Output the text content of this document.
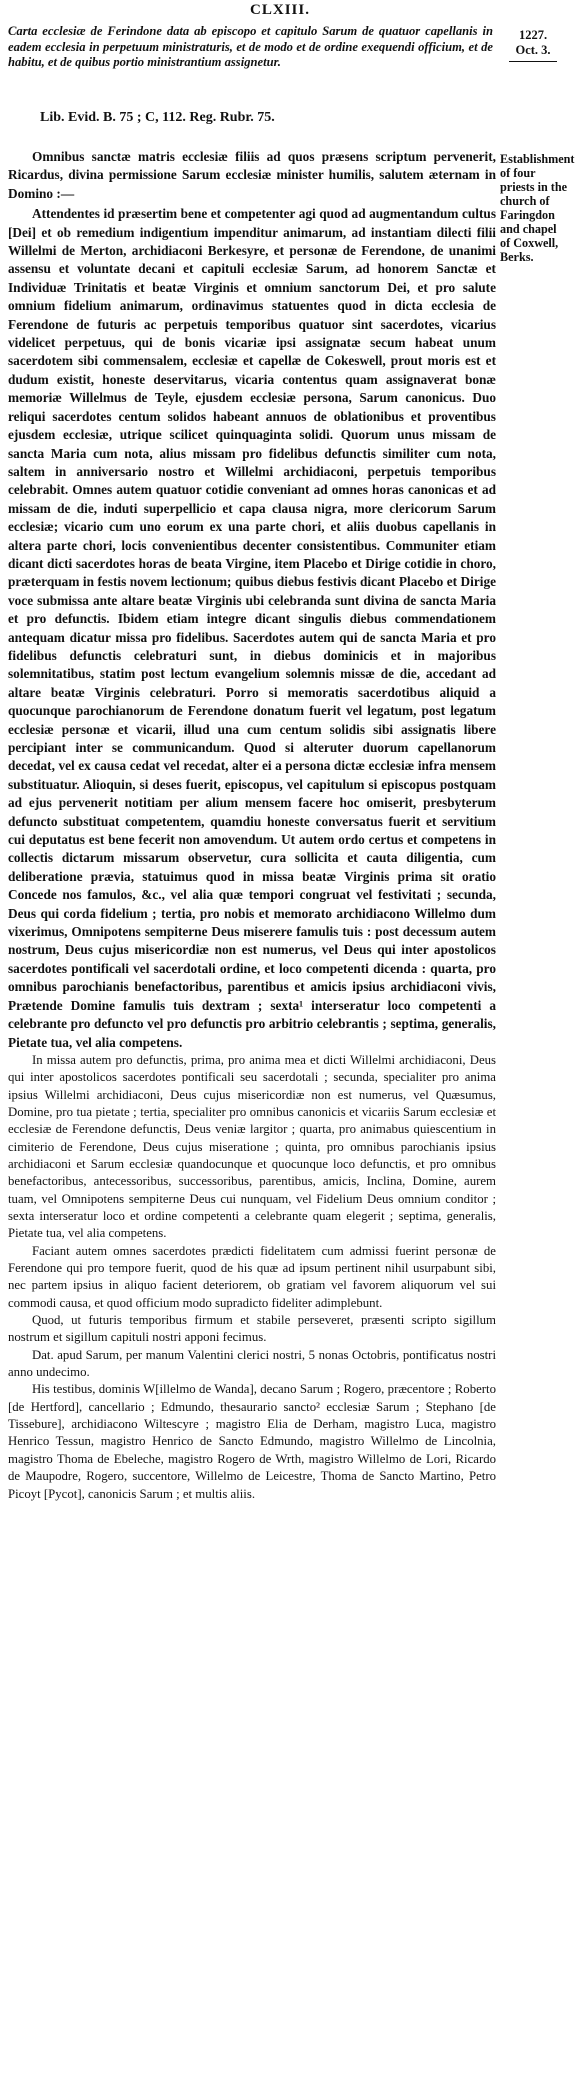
CLXIII.
1227.
Oct. 3.
Carta ecclesiæ de Ferindone data ab episcopo et capitulo Sarum de quatuor capellanis in eadem ecclesia in perpetuum ministraturis, et de modo et de ordine exequendi officium, et de habitu, et de quibus portio ministrantium assignetur.
Lib. Evid. B. 75 ; C, 112. Reg. Rubr. 75.
Establishment of four priests in the church of Faringdon and chapel of Coxwell, Berks.

Omnibus sanctæ matris ecclesiæ filiis ad quos præsens scriptum pervenerit, Ricardus, divina permissione Sarum ecclesiæ minister humilis, salutem æternam in Domino :—

Attendentes id præsertim bene et competenter agi quod ad augmentandum cultus [Dei] et ob remedium indigentium impenditur animarum, ad instantiam dilecti filii Willelmi de Merton, archidiaconi Berkesyre, et personæ de Ferendone, de unanimi assensu et voluntate decani et capituli ecclesiæ Sarum, ad honorem Sanctæ et Individuæ Trinitatis et beatæ Virginis et omnium sanctorum Dei, et pro salute omnium fidelium animarum, ordinavimus statuentes quod in dicta ecclesia de Ferendone de futuris ac perpetuis temporibus quatuor sint sacerdotes, vicarius videlicet perpetuus, qui de bonis vicariæ ipsi assignatæ secum habeat unum sacerdotem sibi commensalem, ecclesiæ et capellæ de Cokeswell, prout moris est et dudum existit, honeste deservitarus, vicaria contentus quam assignaverat bonæ memoriæ Willelmus de Teyle, ejusdem ecclesiæ persona, Sarum canonicus. Duo reliqui sacerdotes centum solidos habeant annuos de oblationibus et proventibus ejusdem ecclesiæ, utrique scilicet quinquaginta solidi. Quorum unus missam de sancta Maria cum nota, alius missam pro fidelibus defunctis similiter cum nota, saltem in anniversario nostro et Willelmi archidiaconi, perpetuis temporibus celebrabit. Omnes autem quatuor cotidie conveniant ad omnes horas canonicas et ad missam de die, induti superpellicio et capa clausa nigra, more clericorum Sarum ecclesiæ; vicario cum uno eorum ex una parte chori, et aliis duobus capellanis in altera parte chori, locis convenientibus decenter consistentibus. Communiter etiam dicant dicti sacerdotes horas de beata Virgine, item Placebo et Dirige cotidie in choro, præterquam in festis novem lectionum; quibus diebus festivis dicant Placebo et Dirige voce submissa ante altare beatæ Virginis ubi celebranda sunt divina de sancta Maria et pro defunctis. Ibidem etiam integre dicant singulis diebus commendationem antequam dicatur missa pro fidelibus. Sacerdotes autem qui de sancta Maria et pro fidelibus defunctis celebraturi sunt, in diebus dominicis et in majoribus solemnitatibus, statim post lectum evangelium solemnis missæ de die, accedant ad altare beatæ Virginis celebraturi. Porro si memoratis sacerdotibus aliquid a quocunque parochianorum de Ferendone donatum fuerit vel legatum, post legatum ecclesiæ personæ et vicarii, illud una cum centum solidis sibi assignatis libere percipiant inter se communicandum. Quod si alteruter duorum capellanorum decedat, vel ex causa cedat vel recedat, alter ei a persona dictæ ecclesiæ infra mensem substituatur. Alioquin, si deses fuerit, episcopus, vel capitulum si episcopus postquam ad ejus pervenerit notitiam per alium mensem facere hoc omiserit, presbyterum defuncto substituat competentem, quamdiu honeste conversatus fuerit et servitium cui deputatus est bene fecerit non amovendum. Ut autem ordo certus et competens in collectis dictarum missarum observetur, cura sollicita et cauta diligentia, cum deliberatione prævia, statuimus quod in missa beatæ Virginis prima sit oratio Concede nos famulos, &c., vel alia quæ tempori congruat vel festivitati ; secunda, Deus qui corda fidelium ; tertia, pro nobis et memorato archidiacono Willelmo dum vixerimus, Omnipotens sempiterne Deus miserere famulis tuis : post decessum autem nostrum, Deus cujus misericordiæ non est numerus, vel Deus qui inter apostolicos sacerdotes pontificali vel sacerdotali ordine, et loco competenti dicenda : quarta, pro omnibus parochianis benefactoribus, parentibus et amicis ipsius archidiaconi vivis, Prætende Domine famulis tuis dextram ; sexta¹ interseratur loco competenti a celebrante pro defuncto vel pro defunctis pro arbitrio celebrantis ; septima, generalis, Pietate tua, vel alia competens.

In missa autem pro defunctis, prima, pro anima mea et dicti Willelmi archidiaconi, Deus qui inter apostolicos sacerdotes pontificali seu sacerdotali ; secunda, specialiter pro anima ipsius Willelmi archidiaconi, Deus cujus misericordiæ non est numerus, vel Quæsumus, Domine, pro tua pietate ; tertia, specialiter pro omnibus canonicis et vicariis Sarum ecclesiæ et ecclesiæ de Ferendone defunctis, Deus veniæ largitor ; quarta, pro animabus quiescentium in cimiterio de Ferendone, Deus cujus miseratione ; quinta, pro omnibus parochianis ipsius archidiaconi et Sarum ecclesiæ quandocunque et quocunque loco defunctis, et pro omnibus benefactoribus, antecessoribus, successoribus, parentibus, amicis, Inclina, Domine, aurem tuam, vel Omnipotens sempiterne Deus cui nunquam, vel Fidelium Deus omnium conditor ; sexta interseratur loco et ordine competenti a celebrante quam elegerit ; septima, generalis, Pietate tua, vel alia competens.

Faciant autem omnes sacerdotes prædicti fidelitatem cum admissi fuerint personæ de Ferendone qui pro tempore fuerit, quod de his quæ ad ipsum pertinent nihil usurpabunt sibi, nec partem ipsius in aliquo facient deteriorem, ob gratiam vel favorem aliquorum vel sui commodi causa, et quod officium modo supradicto fideliter adimplebunt.

Quod, ut futuris temporibus firmum et stabile perseveret, præsenti scripto sigillum nostrum et sigillum capituli nostri apponi fecimus.

Dat. apud Sarum, per manum Valentini clerici nostri, 5 nonas Octobris, pontificatus nostri anno undecimo.

His testibus, dominis W[illelmo de Wanda], decano Sarum ; Rogero, præcentore ; Roberto [de Hertford], cancellario ; Edmundo, thesaurario sancto² ecclesiæ Sarum ; Stephano [de Tissebure], archidiacono Wiltescyre ; magistro Elia de Derham, magistro Luca, magistro Henrico Tessun, magistro Henrico de Sancto Edmundo, magistro Willelmo de Lincolnia, magistro Thoma de Ebeleche, magistro Rogero de Wrth, magistro Willelmo de Lori, Ricardo de Maupodre, Rogero, succentore, Willelmo de Leicestre, Thoma de Sancto Martino, Petro Picoyt [Pycot], canonicis Sarum ; et multis aliis.
